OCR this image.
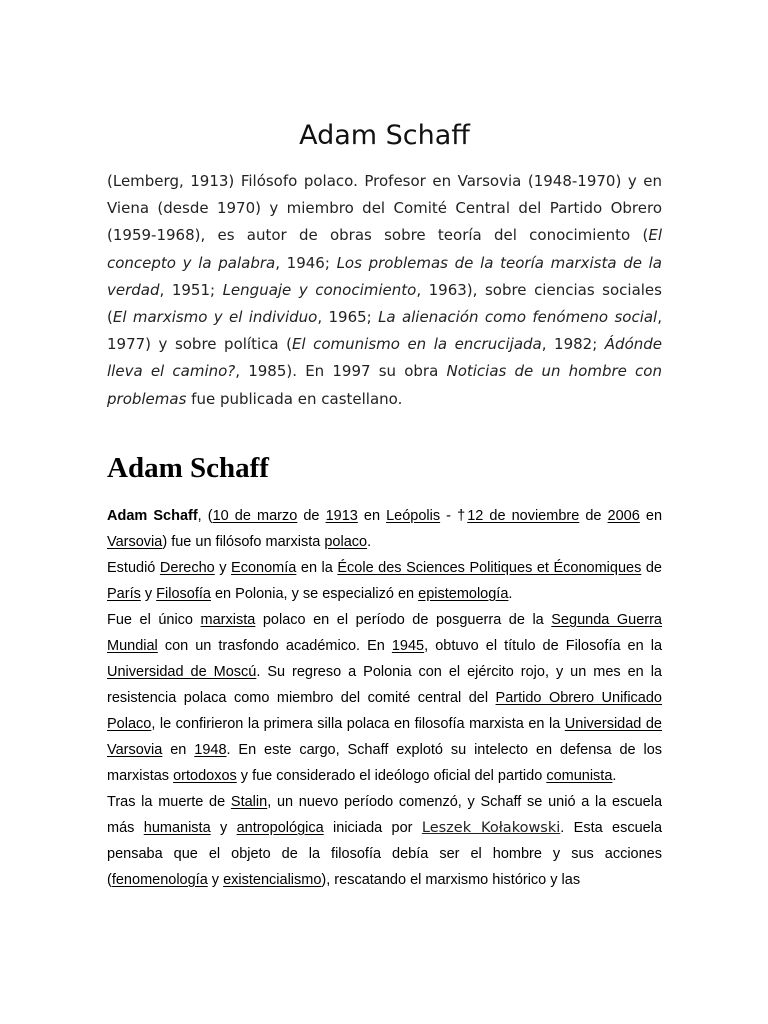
Adam Schaff

(Lemberg, 1913) Filósofo polaco. Profesor en Varsovia (1948-1970) y en Viena (desde 1970) y miembro del Comité Central del Partido Obrero (1959-1968), es autor de obras sobre teoría del conocimiento (El concepto y la palabra, 1946; Los problemas de la teoría marxista de la verdad, 1951; Lenguaje y conocimiento, 1963), sobre ciencias sociales (El marxismo y el individuo, 1965; La alienación como fenómeno social, 1977) y sobre política (El comunismo en la encrucijada, 1982; Ádónde lleva el camino?, 1985). En 1997 su obra Noticias de un hombre con problemas fue publicada en castellano.

Adam Schaff

Adam Schaff, (10 de marzo de 1913 en Leópolis - †12 de noviembre de 2006 en Varsovia) fue un filósofo marxista polaco.

Estudió Derecho y Economía en la École des Sciences Politiques et Économiques de París y Filosofía en Polonia, y se especializó en epistemología.

Fue el único marxista polaco en el período de posguerra de la Segunda Guerra Mundial con un trasfondo académico. En 1945, obtuvo el título de Filosofía en la Universidad de Moscú. Su regreso a Polonia con el ejército rojo, y un mes en la resistencia polaca como miembro del comité central del Partido Obrero Unificado Polaco, le confirieron la primera silla polaca en filosofía marxista en la Universidad de Varsovia en 1948. En este cargo, Schaff explotó su intelecto en defensa de los marxistas ortodoxos y fue considerado el ideólogo oficial del partido comunista.

Tras la muerte de Stalin, un nuevo período comenzó, y Schaff se unió a la escuela más humanista y antropológica iniciada por Leszek Kołakowski. Esta escuela pensaba que el objeto de la filosofía debía ser el hombre y sus acciones (fenomenología y existencialismo), rescatando el marxismo histórico y las
